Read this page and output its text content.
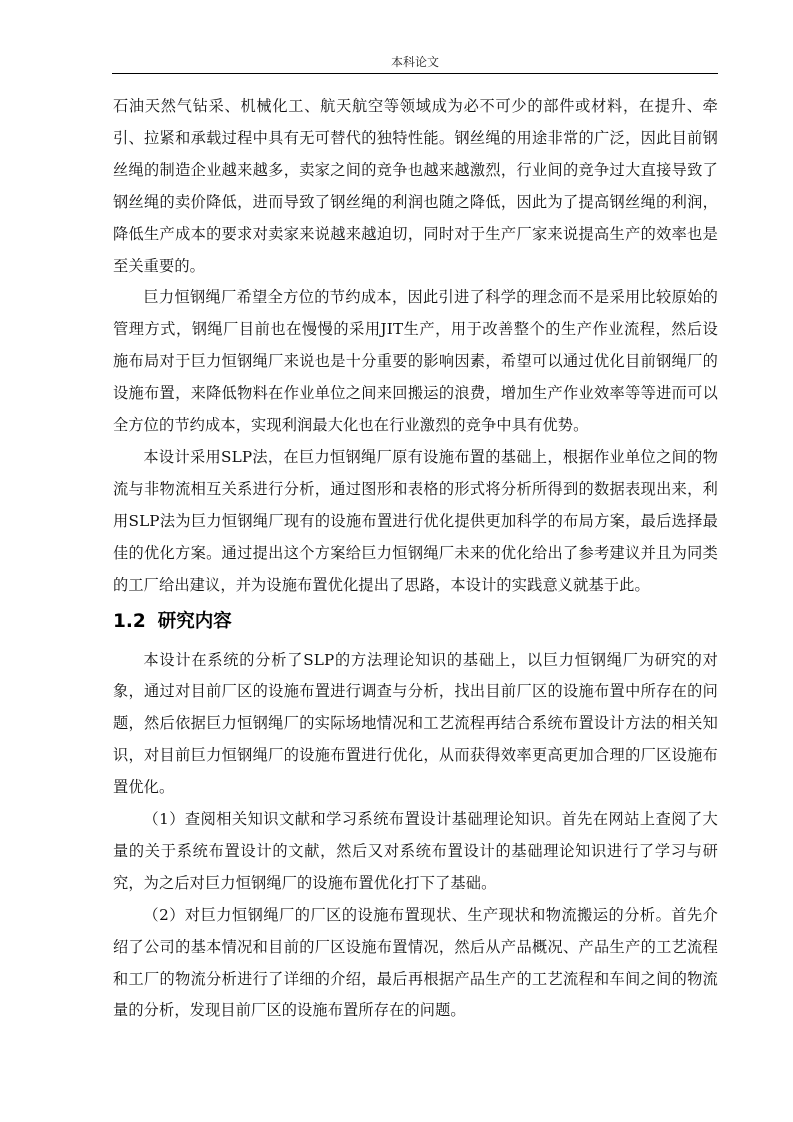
本科论文

石油天然气钻采、机械化工、航天航空等领域成为必不可少的部件或材料，在提升、牵引、拉紧和承载过程中具有无可替代的独特性能。钢丝绳的用途非常的广泛，因此目前钢丝绳的制造企业越来越多，卖家之间的竞争也越来越激烈，行业间的竞争过大直接导致了钢丝绳的卖价降低，进而导致了钢丝绳的利润也随之降低，因此为了提高钢丝绳的利润，降低生产成本的要求对卖家来说越来越迫切，同时对于生产厂家来说提高生产的效率也是至关重要的。

巨力恒钢绳厂希望全方位的节约成本，因此引进了科学的理念而不是采用比较原始的管理方式，钢绳厂目前也在慢慢的采用JIT生产，用于改善整个的生产作业流程，然后设施布局对于巨力恒钢绳厂来说也是十分重要的影响因素，希望可以通过优化目前钢绳厂的设施布置，来降低物料在作业单位之间来回搬运的浪费，增加生产作业效率等等进而可以全方位的节约成本，实现利润最大化也在行业激烈的竞争中具有优势。

本设计采用SLP法，在巨力恒钢绳厂原有设施布置的基础上，根据作业单位之间的物流与非物流相互关系进行分析，通过图形和表格的形式将分析所得到的数据表现出来，利用SLP法为巨力恒钢绳厂现有的设施布置进行优化提供更加科学的布局方案，最后选择最佳的优化方案。通过提出这个方案给巨力恒钢绳厂未来的优化给出了参考建议并且为同类的工厂给出建议，并为设施布置优化提出了思路，本设计的实践意义就基于此。

1.2 研究内容

本设计在系统的分析了SLP的方法理论知识的基础上，以巨力恒钢绳厂为研究的对象，通过对目前厂区的设施布置进行调查与分析，找出目前厂区的设施布置中所存在的问题，然后依据巨力恒钢绳厂的实际场地情况和工艺流程再结合系统布置设计方法的相关知识，对目前巨力恒钢绳厂的设施布置进行优化，从而获得效率更高更加合理的厂区设施布置优化。

（1）查阅相关知识文献和学习系统布置设计基础理论知识。首先在网站上查阅了大量的关于系统布置设计的文献，然后又对系统布置设计的基础理论知识进行了学习与研究，为之后对巨力恒钢绳厂的设施布置优化打下了基础。

（2）对巨力恒钢绳厂的厂区的设施布置现状、生产现状和物流搬运的分析。首先介绍了公司的基本情况和目前的厂区设施布置情况，然后从产品概况、产品生产的工艺流程和工厂的物流分析进行了详细的介绍，最后再根据产品生产的工艺流程和车间之间的物流量的分析，发现目前厂区的设施布置所存在的问题。
